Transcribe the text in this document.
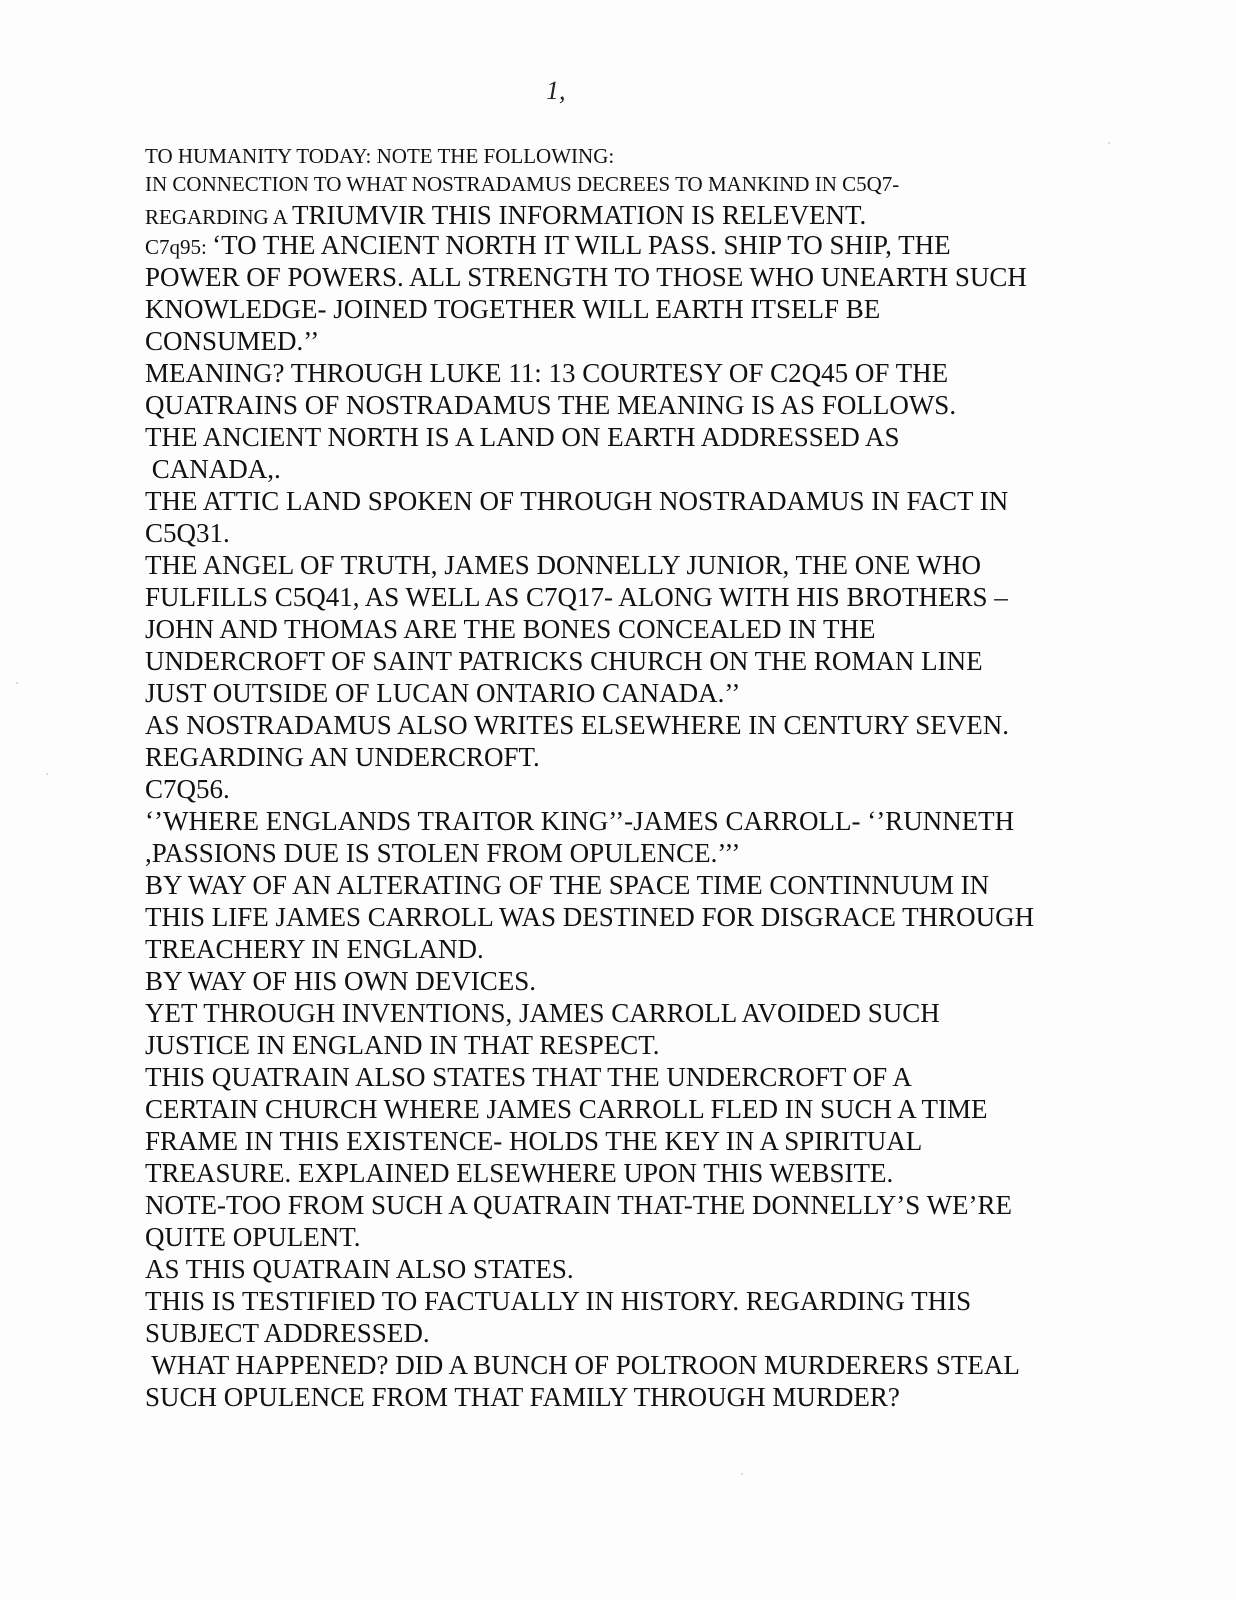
1,
TO HUMANITY TODAY: NOTE THE FOLLOWING:
IN CONNECTION TO WHAT NOSTRADAMUS DECREES TO MANKIND IN C5Q7-
REGARDING A TRIUMVIR THIS INFORMATION IS RELEVENT.
C7q95: ‘TO THE ANCIENT NORTH IT WILL PASS. SHIP TO SHIP, THE
POWER OF POWERS. ALL STRENGTH TO THOSE WHO UNEARTH SUCH
KNOWLEDGE- JOINED TOGETHER WILL EARTH ITSELF BE
CONSUMED.’’
MEANING? THROUGH LUKE 11: 13 COURTESY OF C2Q45 OF THE
QUATRAINS OF NOSTRADAMUS THE MEANING IS AS FOLLOWS.
THE ANCIENT NORTH IS A LAND ON EARTH ADDRESSED AS
CANADA,.
THE ATTIC LAND SPOKEN OF THROUGH NOSTRADAMUS IN FACT IN
C5Q31.
THE ANGEL OF TRUTH, JAMES DONNELLY JUNIOR, THE ONE WHO
FULFILLS C5Q41, AS WELL AS C7Q17- ALONG WITH HIS BROTHERS –
JOHN AND THOMAS ARE THE BONES CONCEALED IN THE
UNDERCROFT OF SAINT PATRICKS CHURCH ON THE ROMAN LINE
JUST OUTSIDE OF LUCAN ONTARIO CANADA.’’
AS NOSTRADAMUS ALSO WRITES ELSEWHERE IN CENTURY SEVEN.
REGARDING AN UNDERCROFT.
C7Q56.
‘’WHERE ENGLANDS TRAITOR KING’’-JAMES CARROLL- ‘’RUNNETH
,PASSIONS DUE IS STOLEN FROM OPULENCE.’’’
BY WAY OF AN ALTERATING OF THE SPACE TIME CONTINNUUM IN
THIS LIFE JAMES CARROLL WAS DESTINED FOR DISGRACE THROUGH
TREACHERY IN ENGLAND.
BY WAY OF HIS OWN DEVICES.
YET THROUGH INVENTIONS, JAMES CARROLL AVOIDED SUCH
JUSTICE IN ENGLAND IN THAT RESPECT.
THIS QUATRAIN ALSO STATES THAT THE UNDERCROFT OF A
CERTAIN CHURCH WHERE JAMES CARROLL FLED IN SUCH A TIME
FRAME IN THIS EXISTENCE- HOLDS THE KEY IN A SPIRITUAL
TREASURE. EXPLAINED ELSEWHERE UPON THIS WEBSITE.
NOTE-TOO FROM SUCH A QUATRAIN THAT-THE DONNELLY’S WE’RE
QUITE OPULENT.
AS THIS QUATRAIN ALSO STATES.
THIS IS TESTIFIED TO FACTUALLY IN HISTORY. REGARDING THIS
SUBJECT ADDRESSED.
WHAT HAPPENED? DID A BUNCH OF POLTROON MURDERERS STEAL
SUCH OPULENCE FROM THAT FAMILY THROUGH MURDER?
